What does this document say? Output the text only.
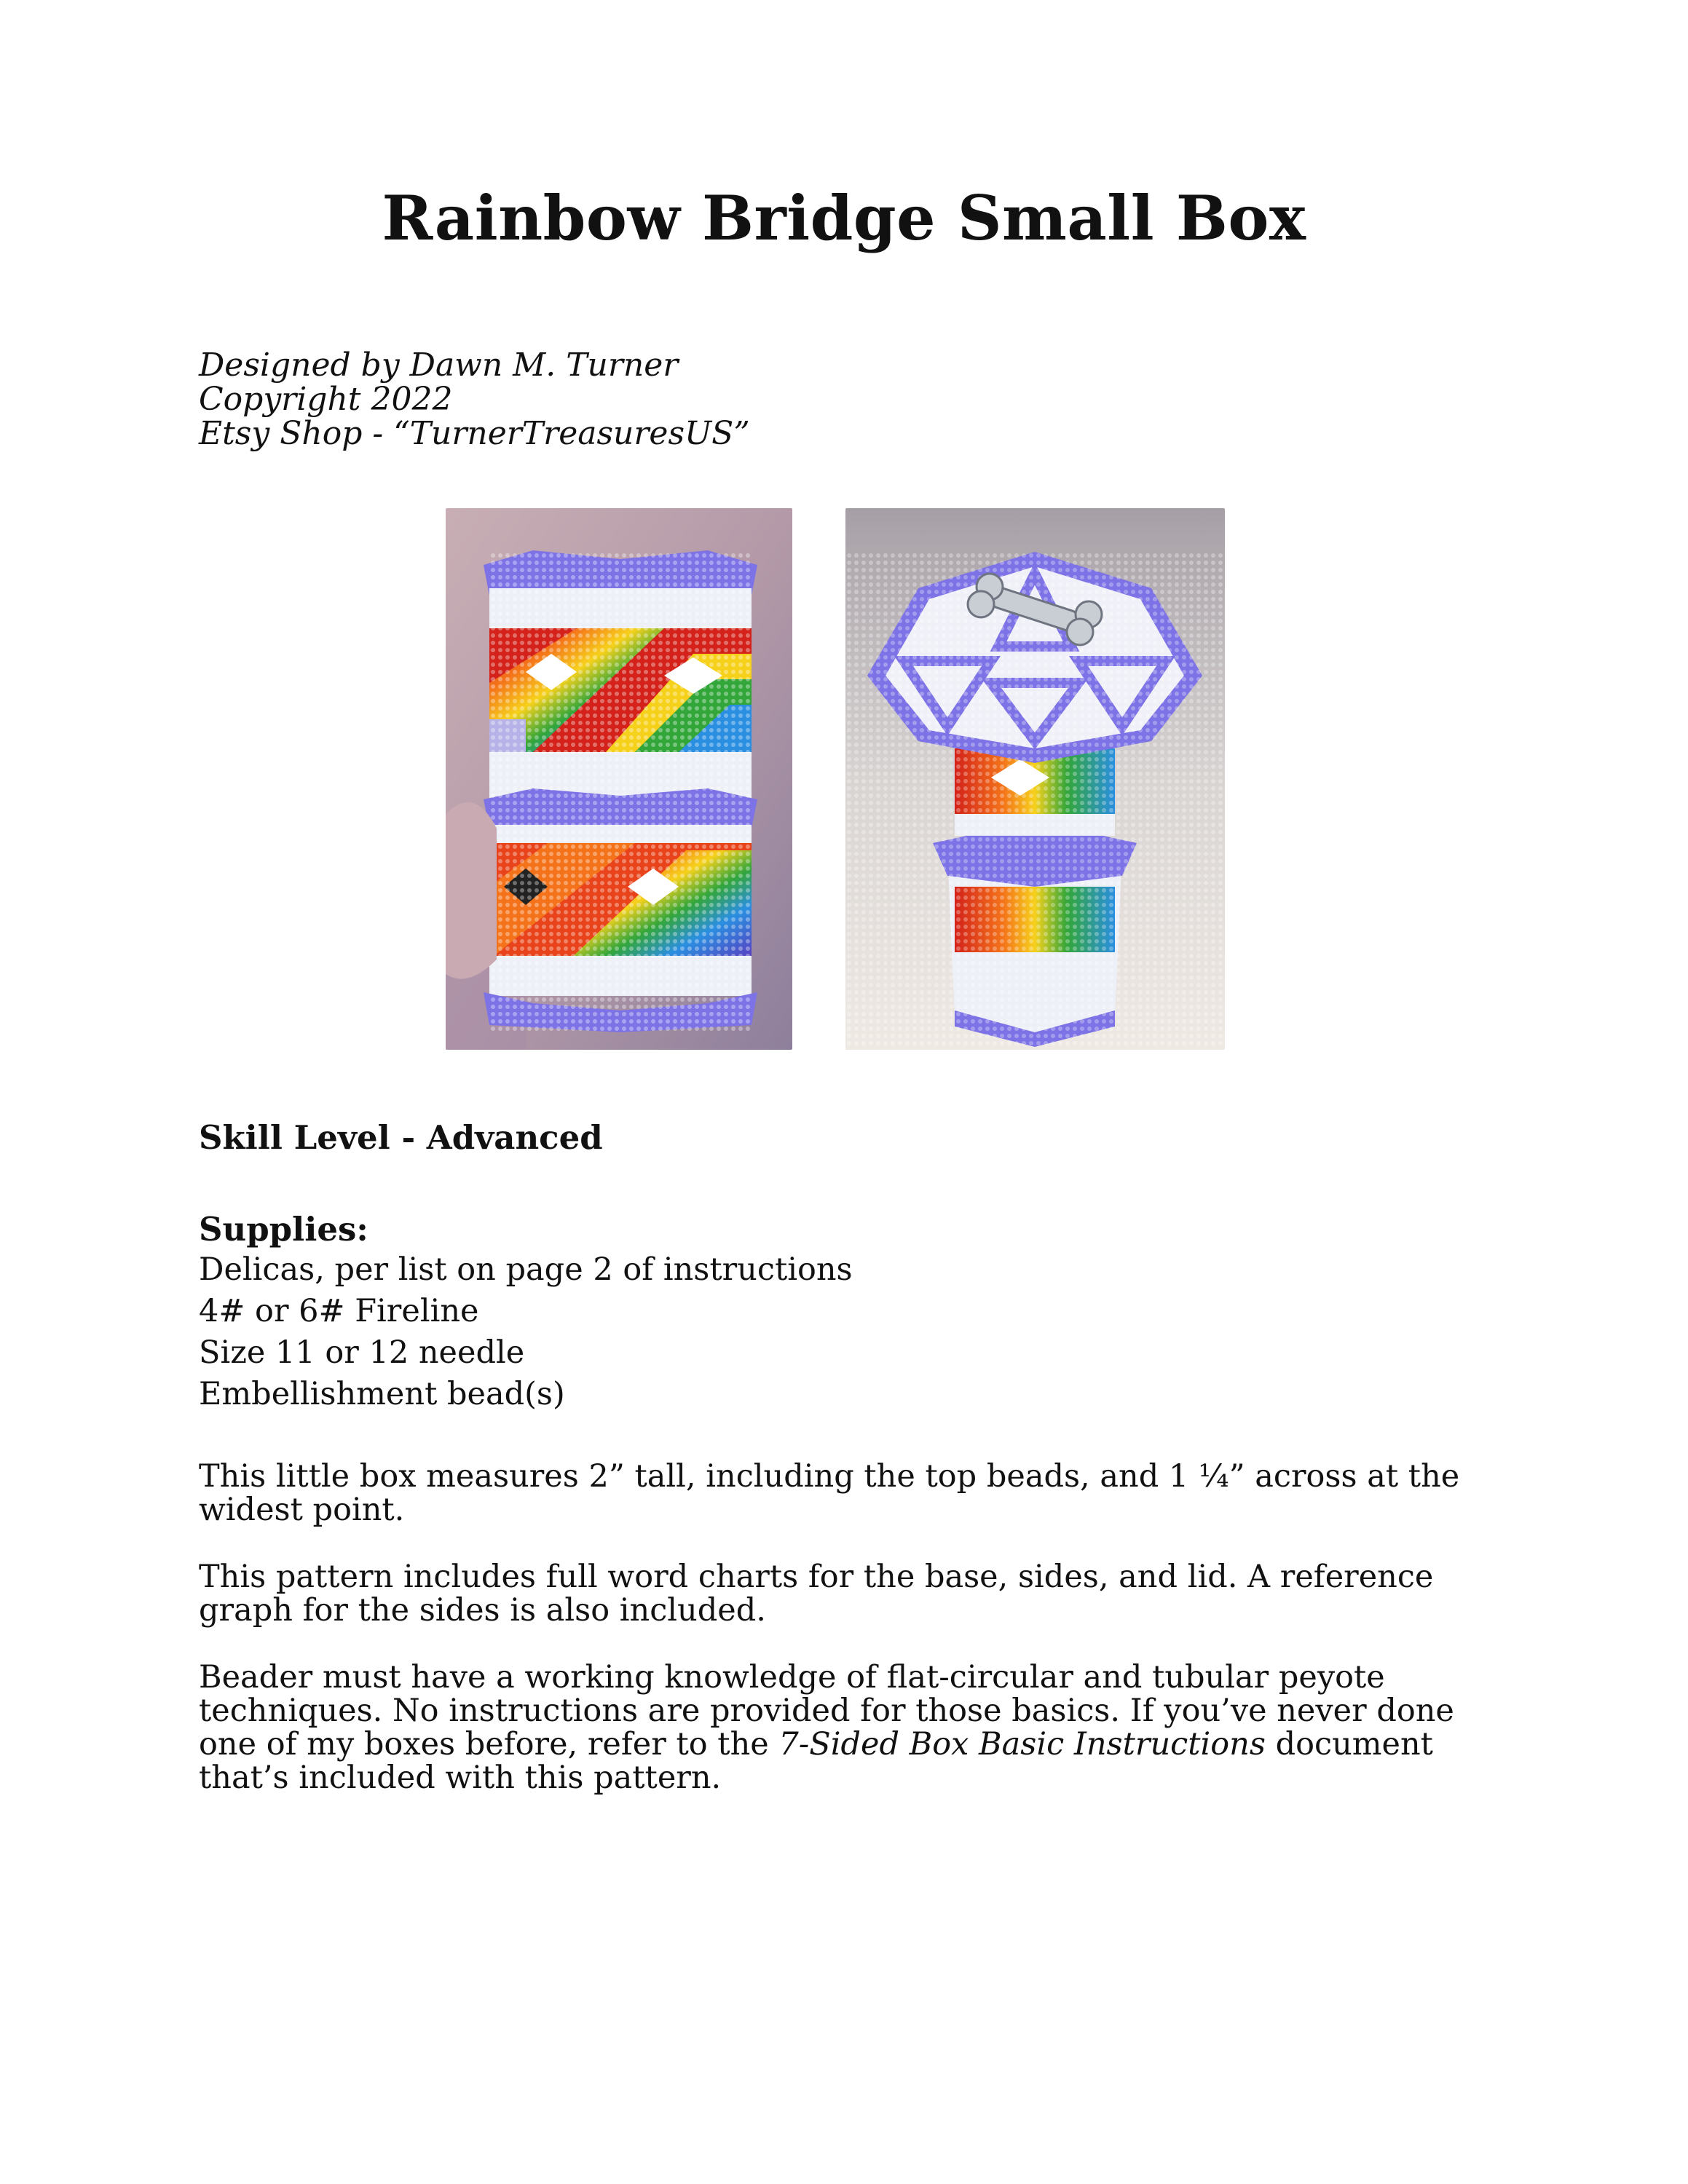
Rainbow Bridge Small Box
Designed by Dawn M. Turner
Copyright 2022
Etsy Shop - “TurnerTreasuresUS”
Skill Level - Advanced
Supplies:
Delicas, per list on page 2 of instructions
4# or 6# Fireline
Size 11 or 12 needle
Embellishment bead(s)

This little box measures 2” tall, including the top beads, and 1 ¼” across at the widest point.

This pattern includes full word charts for the base, sides, and lid. A reference graph for the sides is also included.

Beader must have a working knowledge of flat-circular and tubular peyote techniques. No instructions are provided for those basics. If you’ve never done one of my boxes before, refer to the 7-Sided Box Basic Instructions document that’s included with this pattern.
